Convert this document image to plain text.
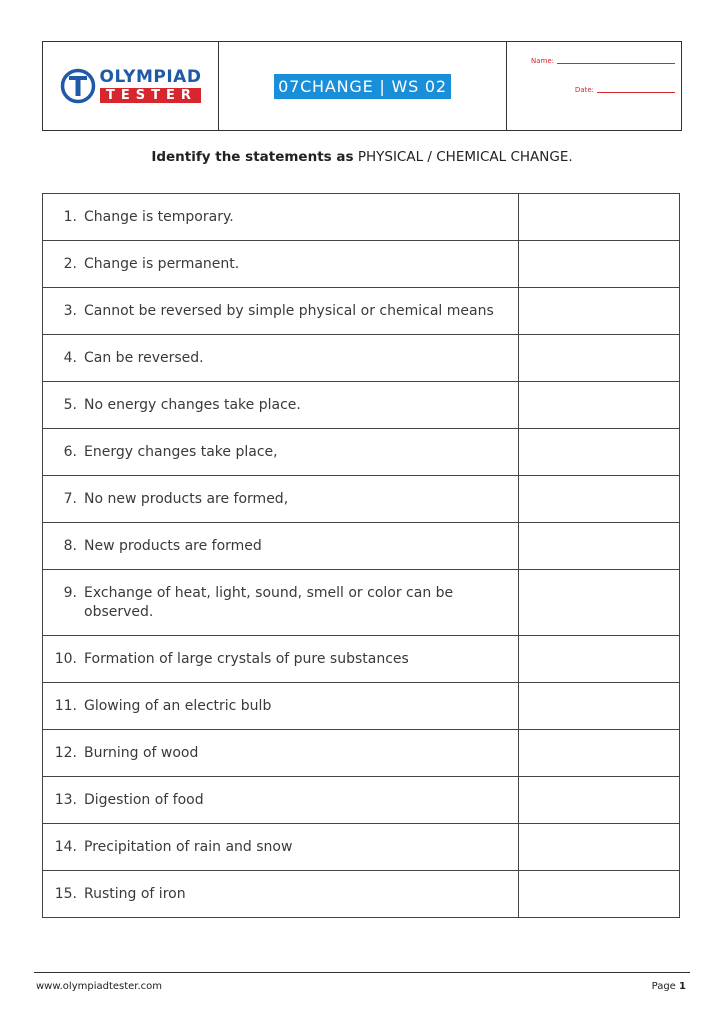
OLYMPIAD
TESTER	07CHANGE | WS 02
Name:
Date:
Identify the statements as PHYSICAL / CHEMICAL CHANGE.
1. Change is temporary.	

2. Change is permanent.	

3. Cannot be reversed by simple physical or chemical means	

4. Can be reversed.	

5. No energy changes take place.	

6. Energy changes take place,	

7. No new products are formed,	

8. New products are formed	

9. Exchange of heat, light, sound, smell or color can be observed.	

10. Formation of large crystals of pure substances	

11. Glowing of an electric bulb	

12. Burning of wood	

13. Digestion of food	

14. Precipitation of rain and snow	

15. Rusting of iron	

www.olympiadtester.com	Page 1
